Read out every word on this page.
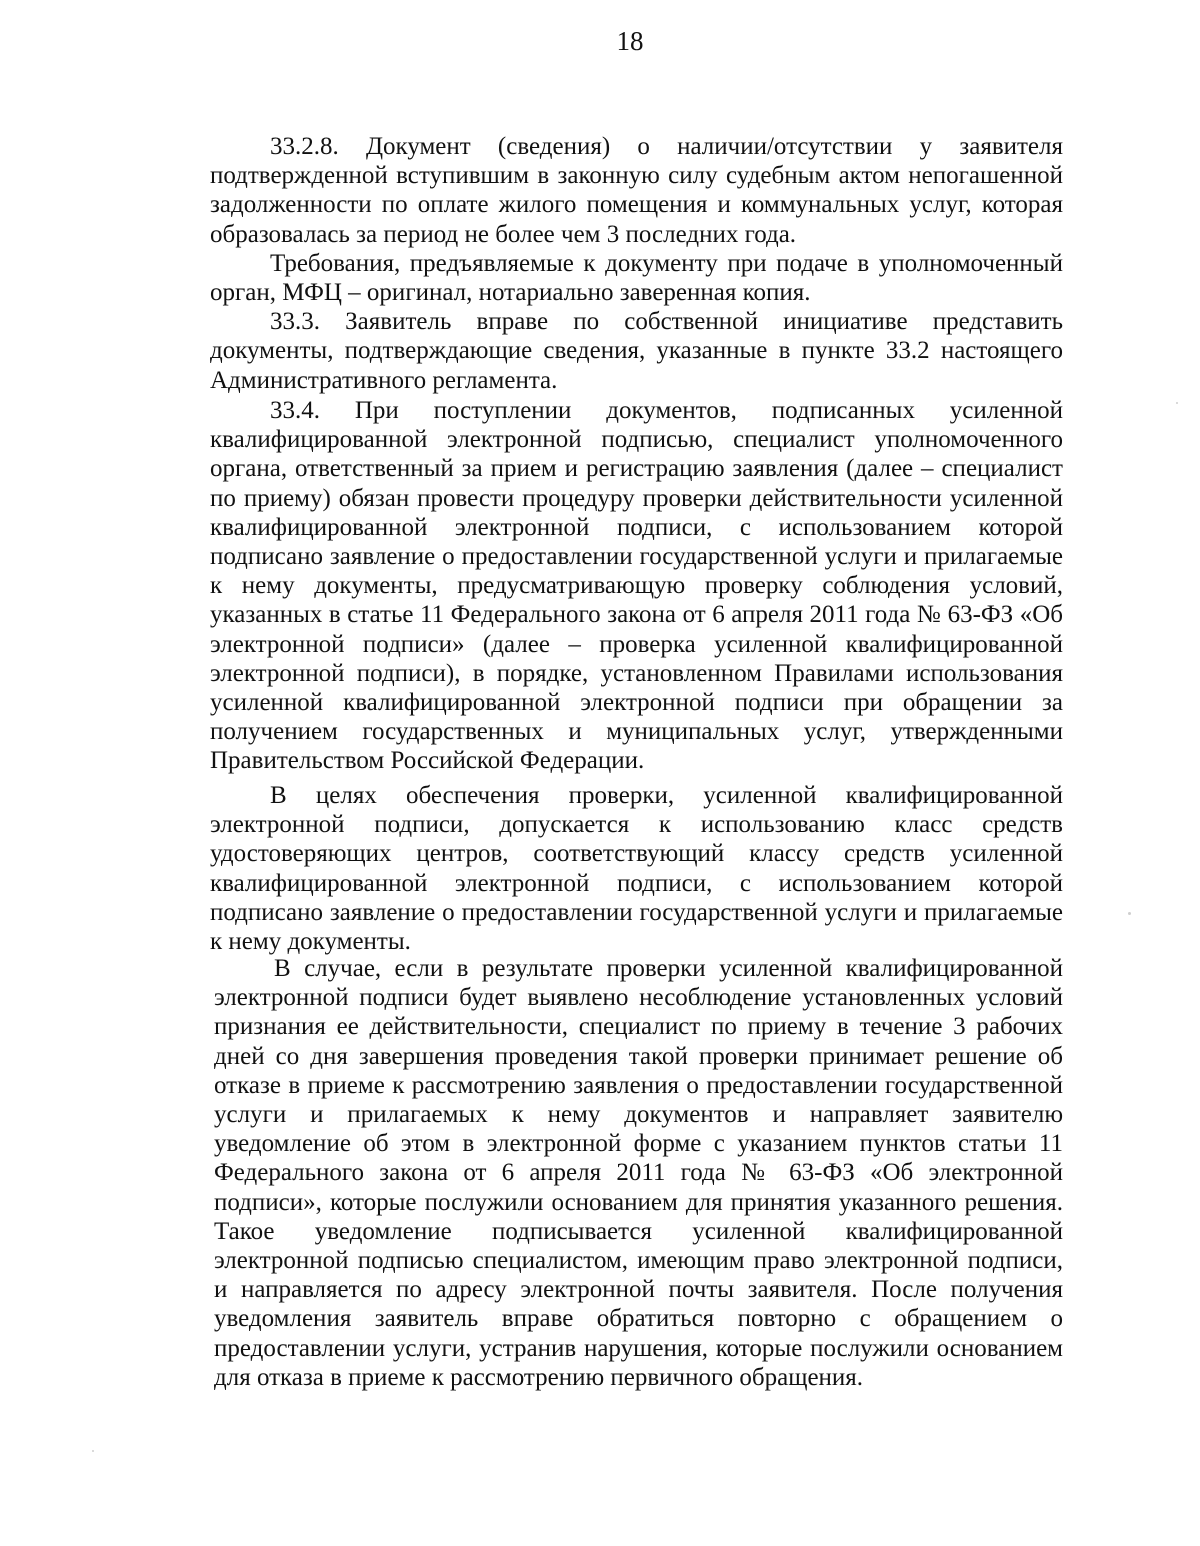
18

33.2.8. Документ (сведения) о наличии/отсутствии у заявителя подтвержденной вступившим в законную силу судебным актом непогашенной задолженности по оплате жилого помещения и коммунальных услуг, которая образовалась за период не более чем 3 последних года.

Требования, предъявляемые к документу при подаче в уполномоченный орган, МФЦ – оригинал, нотариально заверенная копия.

33.3. Заявитель вправе по собственной инициативе представить документы, подтверждающие сведения, указанные в пункте 33.2 настоящего Административного регламента.

33.4. При поступлении документов, подписанных усиленной квалифицированной электронной подписью, специалист уполномоченного органа, ответственный за прием и регистрацию заявления (далее – специалист по приему) обязан провести процедуру проверки действительности усиленной квалифицированной электронной подписи, с использованием которой подписано заявление о предоставлении государственной услуги и прилагаемые к нему документы, предусматривающую проверку соблюдения условий, указанных в статье 11 Федерального закона от 6 апреля 2011 года № 63-ФЗ «Об электронной подписи» (далее – проверка усиленной квалифицированной электронной подписи), в порядке, установленном Правилами использования усиленной квалифицированной электронной подписи при обращении за получением государственных и муниципальных услуг, утвержденными Правительством Российской Федерации.

В целях обеспечения проверки, усиленной квалифицированной электронной подписи, допускается к использованию класс средств удостоверяющих центров, соответствующий классу средств усиленной квалифицированной электронной подписи, с использованием которой подписано заявление о предоставлении государственной услуги и прилагаемые к нему документы.

В случае, если в результате проверки усиленной квалифицированной электронной подписи будет выявлено несоблюдение установленных условий признания ее действительности, специалист по приему в течение 3 рабочих дней со дня завершения проведения такой проверки принимает решение об отказе в приеме к рассмотрению заявления о предоставлении государственной услуги и прилагаемых к нему документов и направляет заявителю уведомление об этом в электронной форме с указанием пунктов статьи 11 Федерального закона от 6 апреля 2011 года № 63-ФЗ «Об электронной подписи», которые послужили основанием для принятия указанного решения. Такое уведомление подписывается усиленной квалифицированной электронной подписью специалистом, имеющим право электронной подписи, и направляется по адресу электронной почты заявителя. После получения уведомления заявитель вправе обратиться повторно с обращением о предоставлении услуги, устранив нарушения, которые послужили основанием для отказа в приеме к рассмотрению первичного обращения.
